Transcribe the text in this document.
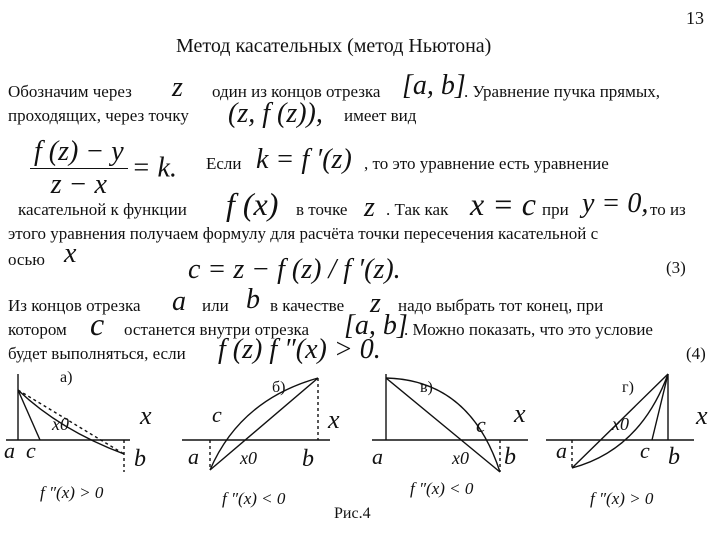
13
Метод касательных (метод Ньютона)
Обозначим через z один из концов отрезка [a, b]
. Уравнение пучка прямых,
проходящих, через точку (z, f (z)), имеет вид
$\frac{f (z) - y}{z - x} = k$. Если k = f ′(z) , то это уравнение есть уравнение
касательной к функции f (x) в точке z . Так как x = c при y = 0, то из
этого уравнения получаем формулу для расчёта точки пересечения касательной с
осью x
c = z − f (z) / f ′(z).	(3)
Из концов отрезка a или b в качестве z надо выбрать тот конец, при
котором c останется внутри отрезка [a, b]
. Можно показать, что это условие
будет выполняться, если f (z) f ″(x) > 0.	(4)
а)
a c
x0	x
b
f ″(x) > 0
б)
c
a x0
x
b
f ″(x) < 0
в)
c
a	x0
x
b
f ″(x) < 0
г)
x0	x
a	c b
f ″(x) > 0
Рис.4
